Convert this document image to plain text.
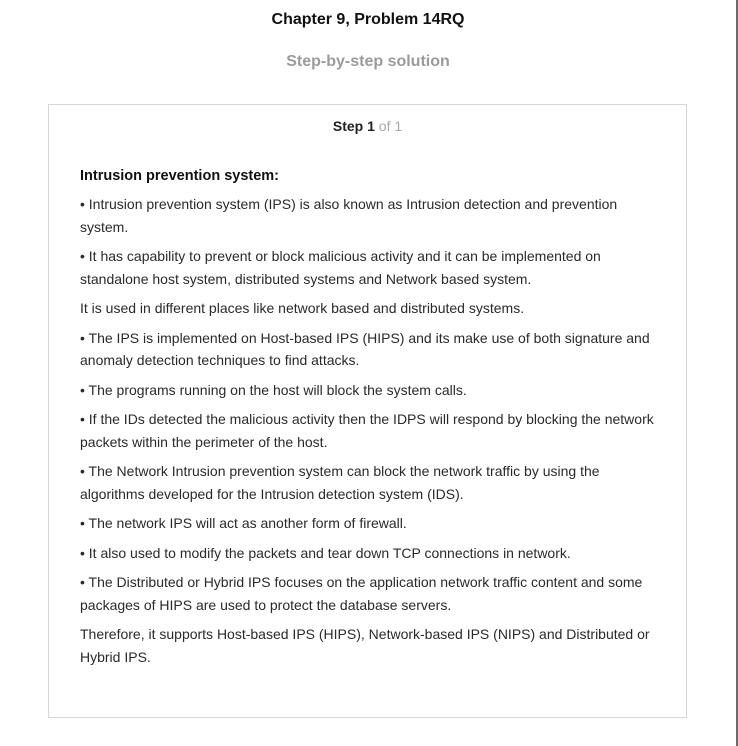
Chapter 9, Problem 14RQ
Step-by-step solution
Step 1 of 1
Intrusion prevention system:

• Intrusion prevention system (IPS) is also known as Intrusion detection and prevention system.

• It has capability to prevent or block malicious activity and it can be implemented on standalone host system, distributed systems and Network based system.

It is used in different places like network based and distributed systems.

• The IPS is implemented on Host-based IPS (HIPS) and its make use of both signature and anomaly detection techniques to find attacks.

• The programs running on the host will block the system calls.

• If the IDs detected the malicious activity then the IDPS will respond by blocking the network packets within the perimeter of the host.

• The Network Intrusion prevention system can block the network traffic by using the algorithms developed for the Intrusion detection system (IDS).

• The network IPS will act as another form of firewall.

• It also used to modify the packets and tear down TCP connections in network.

• The Distributed or Hybrid IPS focuses on the application network traffic content and some packages of HIPS are used to protect the database servers.

Therefore, it supports Host-based IPS (HIPS), Network-based IPS (NIPS) and Distributed or Hybrid IPS.
